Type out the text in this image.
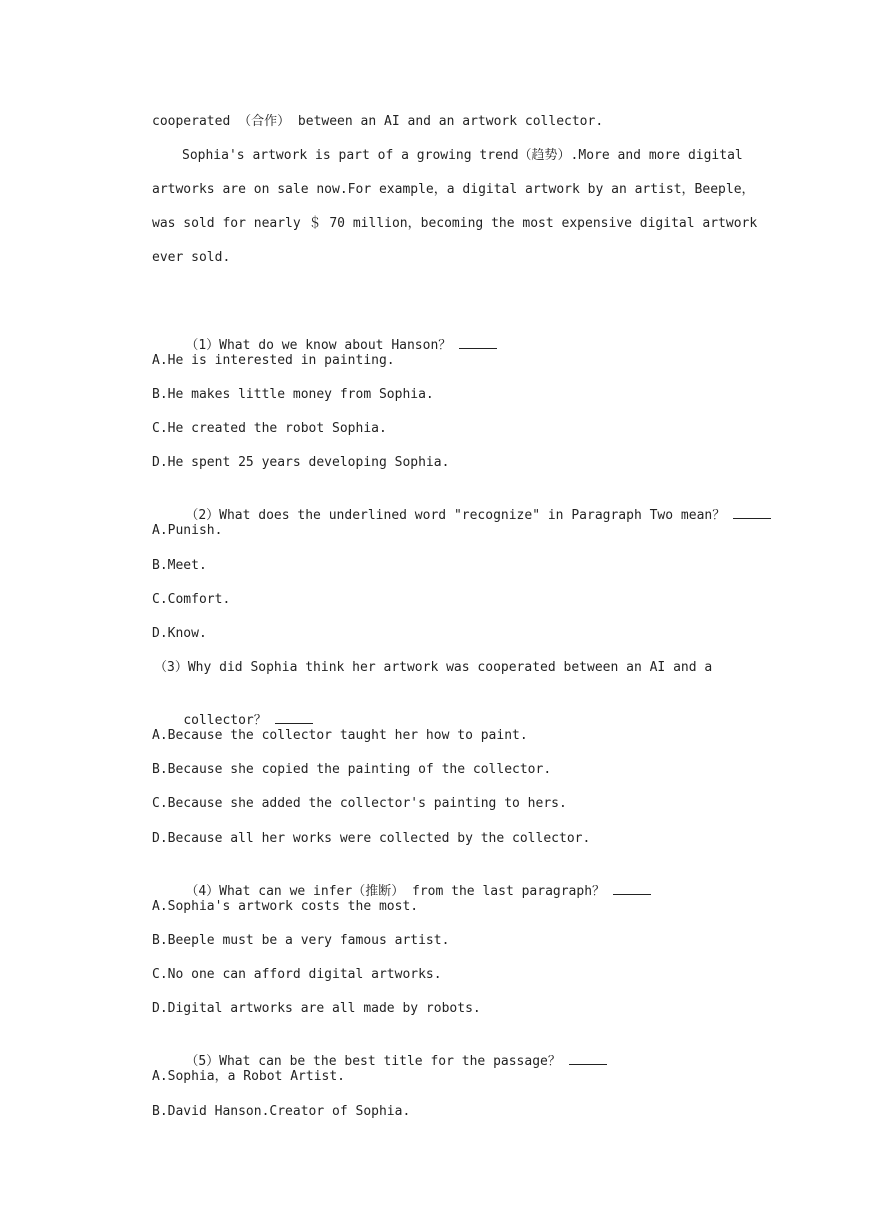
cooperated （合作） between an AI and an artwork collector.
Sophia's artwork is part of a growing trend（趋势）.More and more digital
artworks are on sale now.For example，a digital artwork by an artist，Beeple，
was sold for nearly ＄ 70 million，becoming the most expensive digital artwork
ever sold.

（1）What do we know about Hanson？

A.He is interested in painting.
B.He makes little money from Sophia.
C.He created the robot Sophia.
D.He spent 25 years developing Sophia.

（2）What does the underlined word "recognize" in Paragraph Two mean？

A.Punish.
B.Meet.
C.Comfort.
D.Know.
（3）Why did Sophia think her artwork was cooperated between an AI and a

collector？

A.Because the collector taught her how to paint.
B.Because she copied the painting of the collector.
C.Because she added the collector's painting to hers.
D.Because all her works were collected by the collector.

（4）What can we infer（推断） from the last paragraph？

A.Sophia's artwork costs the most.
B.Beeple must be a very famous artist.
C.No one can afford digital artworks.
D.Digital artworks are all made by robots.

（5）What can be the best title for the passage？

A.Sophia，a Robot Artist.
B.David Hanson.Creator of Sophia.
